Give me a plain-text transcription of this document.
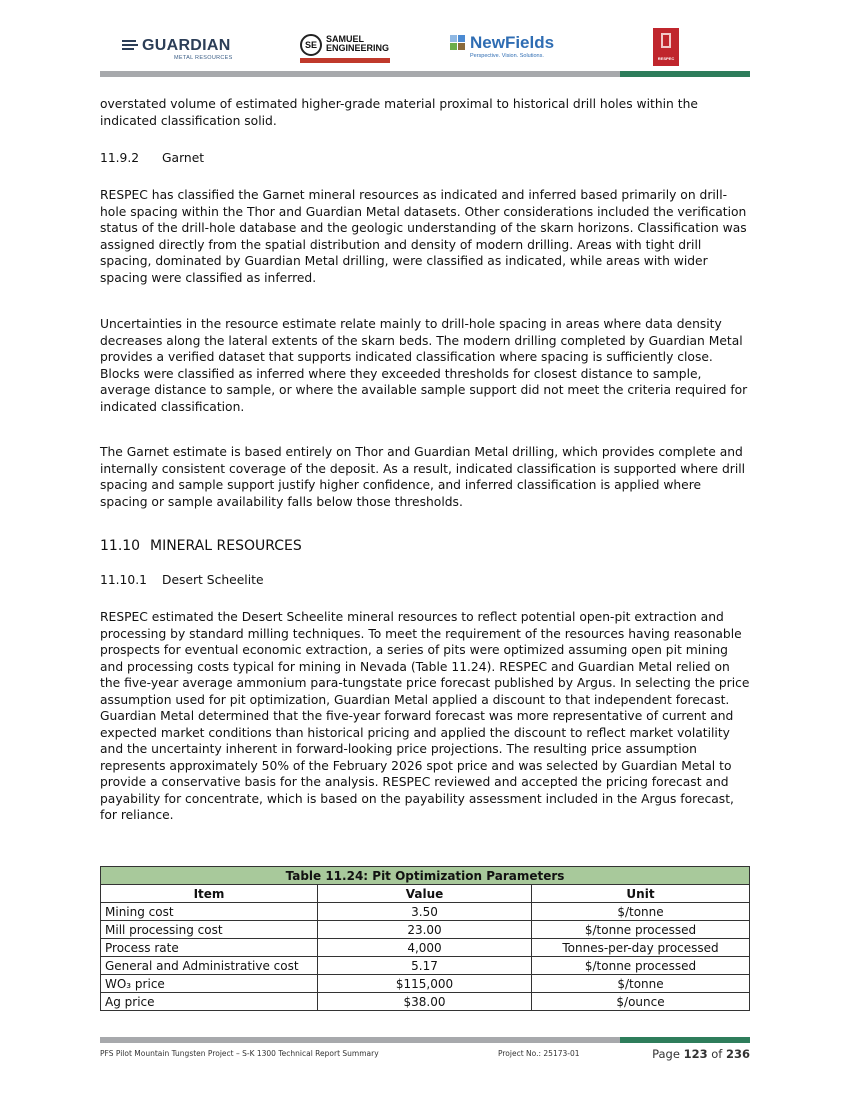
GUARDIAN
METAL RESOURCES
SE
SAMUEL
ENGINEERING	NewFields
Perspective. Vision. Solutions.	RESPEC

overstated volume of estimated higher-grade material proximal to historical drill holes within the indicated classification solid.

11.9.2 Garnet

RESPEC has classified the Garnet mineral resources as indicated and inferred based primarily on drill-hole spacing within the Thor and Guardian Metal datasets. Other considerations included the verification status of the drill-hole database and the geologic understanding of the skarn horizons. Classification was assigned directly from the spatial distribution and density of modern drilling. Areas with tight drill spacing, dominated by Guardian Metal drilling, were classified as indicated, while areas with wider spacing were classified as inferred.

Uncertainties in the resource estimate relate mainly to drill-hole spacing in areas where data density decreases along the lateral extents of the skarn beds. The modern drilling completed by Guardian Metal provides a verified dataset that supports indicated classification where spacing is sufficiently close. Blocks were classified as inferred where they exceeded thresholds for closest distance to sample, average distance to sample, or where the available sample support did not meet the criteria required for indicated classification.

The Garnet estimate is based entirely on Thor and Guardian Metal drilling, which provides complete and internally consistent coverage of the deposit. As a result, indicated classification is supported where drill spacing and sample support justify higher confidence, and inferred classification is applied where spacing or sample availability falls below those thresholds.

11.10 MINERAL RESOURCES
11.10.1 Desert Scheelite

RESPEC estimated the Desert Scheelite mineral resources to reflect potential open-pit extraction and processing by standard milling techniques. To meet the requirement of the resources having reasonable prospects for eventual economic extraction, a series of pits were optimized assuming open pit mining and processing costs typical for mining in Nevada (Table 11.24). RESPEC and Guardian Metal relied on the five-year average ammonium para-tungstate price forecast published by Argus. In selecting the price assumption used for pit optimization, Guardian Metal applied a discount to that independent forecast. Guardian Metal determined that the five-year forward forecast was more representative of current and expected market conditions than historical pricing and applied the discount to reflect market volatility and the uncertainty inherent in forward-looking price projections. The resulting price assumption represents approximately 50% of the February 2026 spot price and was selected by Guardian Metal to provide a conservative basis for the analysis. RESPEC reviewed and accepted the pricing forecast and payability for concentrate, which is based on the payability assessment included in the Argus forecast, for reliance.

Table 11.24: Pit Optimization Parameters		
Item	Value	Unit
Mining cost	3.50	$/tonne
Mill processing cost	23.00	$/tonne processed
Process rate	4,000	Tonnes-per-day processed
General and Administrative cost	5.17	$/tonne processed
WO₃ price	$115,000	$/tonne
Ag price	$38.00	$/ounce
PFS Pilot Mountain Tungsten Project – S-K 1300 Technical Report Summary	Project No.: 25173-01	Page 123 of 236
